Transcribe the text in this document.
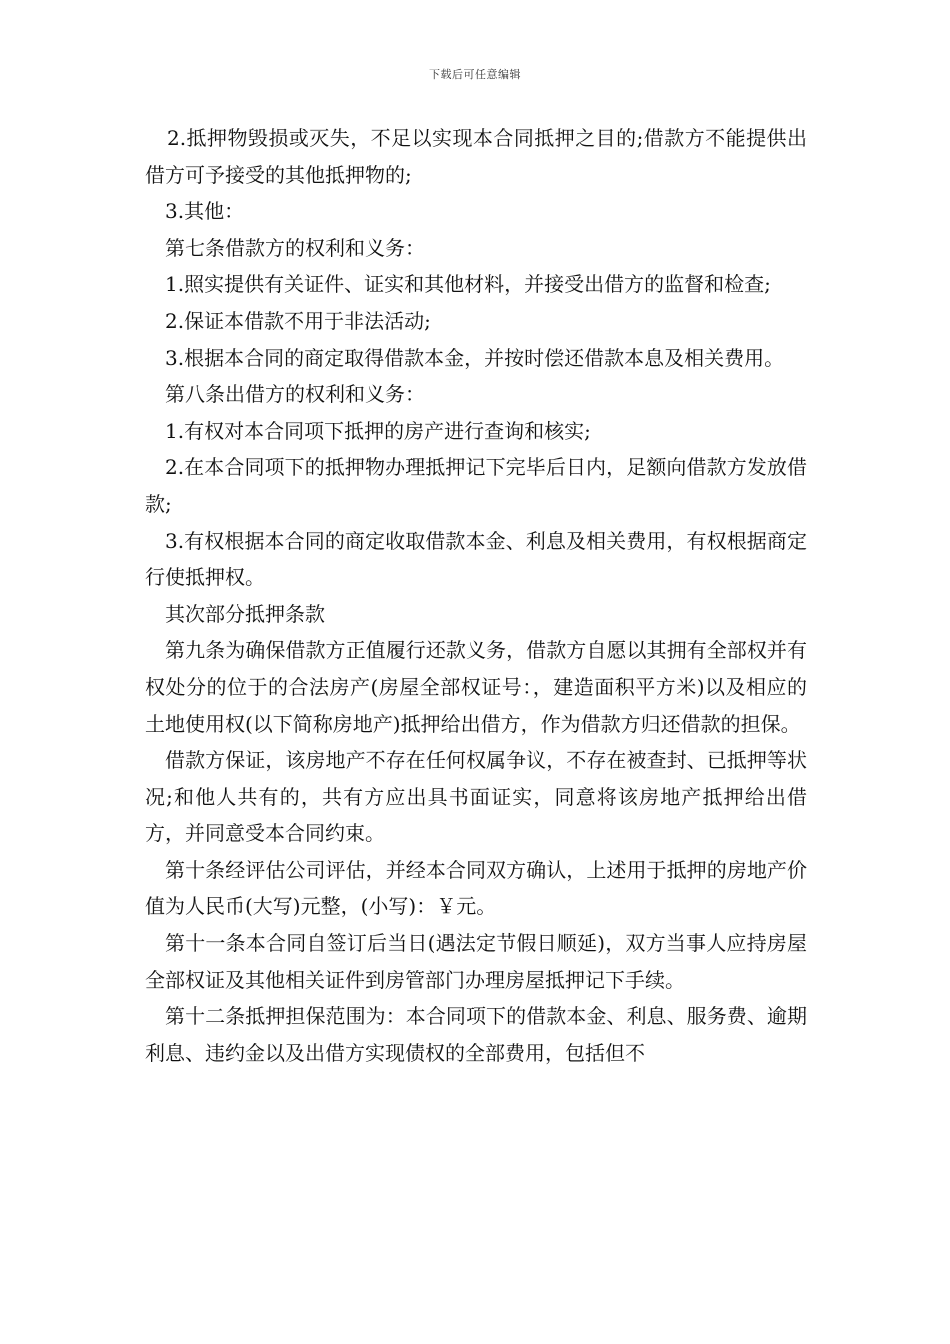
下载后可任意编辑

2.抵押物毁损或灭失，不足以实现本合同抵押之目的;借款方不能提供出借方可予接受的其他抵押物的;

3.其他：

第七条借款方的权利和义务：

1.照实提供有关证件、证实和其他材料，并接受出借方的监督和检查;

2.保证本借款不用于非法活动;

3.根据本合同的商定取得借款本金，并按时偿还借款本息及相关费用。

第八条出借方的权利和义务：

1.有权对本合同项下抵押的房产进行查询和核实;

2.在本合同项下的抵押物办理抵押记下完毕后日内，足额向借款方发放借款;

3.有权根据本合同的商定收取借款本金、利息及相关费用，有权根据商定行使抵押权。

其次部分抵押条款

第九条为确保借款方正值履行还款义务，借款方自愿以其拥有全部权并有权处分的位于的合法房产(房屋全部权证号：，建造面积平方米)以及相应的土地使用权(以下简称房地产)抵押给出借方，作为借款方归还借款的担保。

借款方保证，该房地产不存在任何权属争议，不存在被查封、已抵押等状况;和他人共有的，共有方应出具书面证实，同意将该房地产抵押给出借方，并同意受本合同约束。

第十条经评估公司评估，并经本合同双方确认，上述用于抵押的房地产价值为人民币(大写)元整，(小写)：￥元。

第十一条本合同自签订后当日(遇法定节假日顺延)，双方当事人应持房屋全部权证及其他相关证件到房管部门办理房屋抵押记下手续。

第十二条抵押担保范围为：本合同项下的借款本金、利息、服务费、逾期利息、违约金以及出借方实现债权的全部费用，包括但不
